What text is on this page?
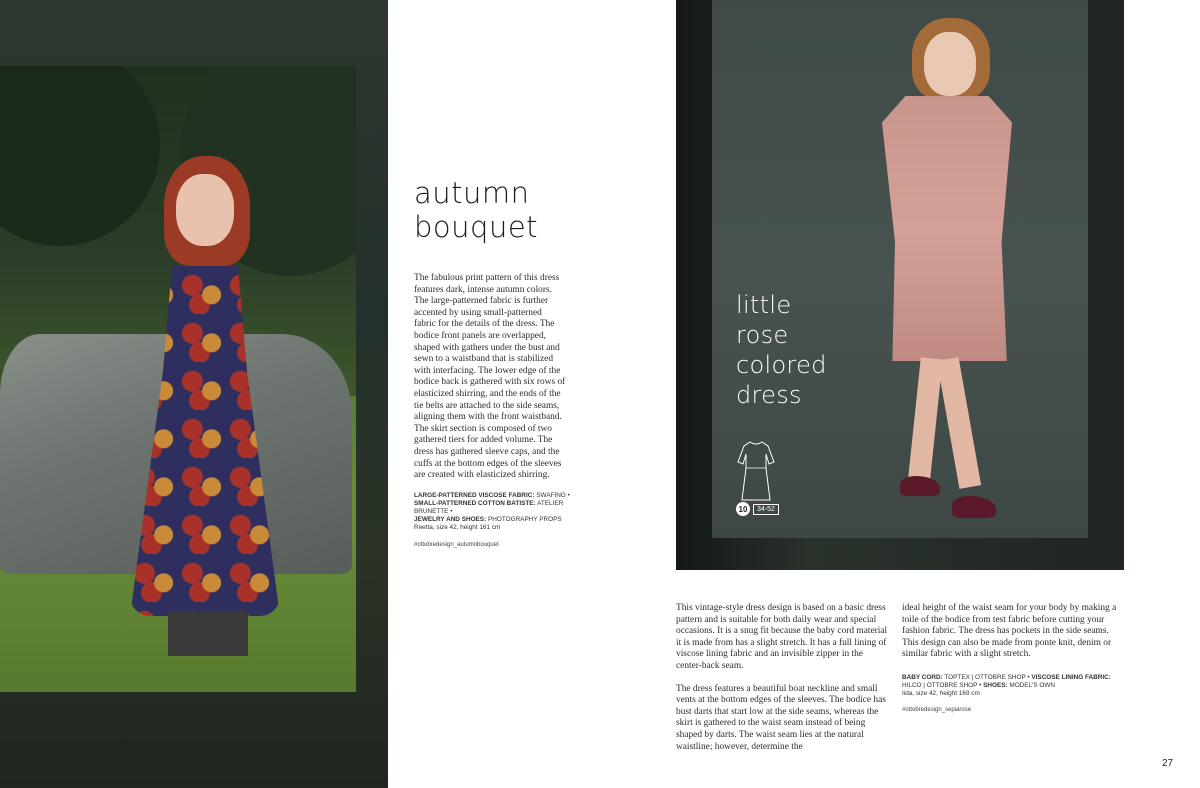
autumn
bouquet

The fabulous print pattern of this dress features dark, intense autumn colors. The large-patterned fabric is further accented by using small-patterned fabric for the details of the dress. The bodice front panels are overlapped, shaped with gathers under the bust and sewn to a waistband that is stabilized with interfacing. The lower edge of the bodice back is gathered with six rows of elasticized shirring, and the ends of the tie belts are attached to the side seams, aligning them with the front waistband. The skirt section is composed of two gathered tiers for added volume. The dress has gathered sleeve caps, and the cuffs at the bottom edges of the sleeves are created with elasticized shirring.

LARGE-PATTERNED VISCOSE FABRIC: SWAFING •
SMALL-PATTERNED COTTON BATISTE: ATELIER BRUNETTE •
JEWELRY AND SHOES: PHOTOGRAPHY PROPS
Reetta, size 42, height 161 cm
#ottobredesign_autumnbouquet
little
rose
colored
dress
10	34-52

This vintage-style dress design is based on a basic dress pattern and is suitable for both daily wear and special occasions. It is a snug fit because the baby cord material it is made from has a slight stretch. It has a full lining of viscose lining fabric and an invisible zipper in the center-back seam.

The dress features a beautiful boat neckline and small vents at the bottom edges of the sleeves. The bodice has bust darts that start low at the side seams, whereas the skirt is gathered to the waist seam instead of being shaped by darts. The waist seam lies at the natural waistline; however, determine the

ideal height of the waist seam for your body by making a toile of the bodice from test fabric before cutting your fashion fabric. The dress has pockets in the side seams. This design can also be made from ponte knit, denim or similar fabric with a slight stretch.

BABY CORD: TOPTEX | OTTOBRE SHOP • VISCOSE LINING FABRIC:
HILCO | OTTOBRE SHOP • SHOES: MODEL'S OWN
Iida, size 42, height 169 cm
#ottobredesign_sepiarose
27
